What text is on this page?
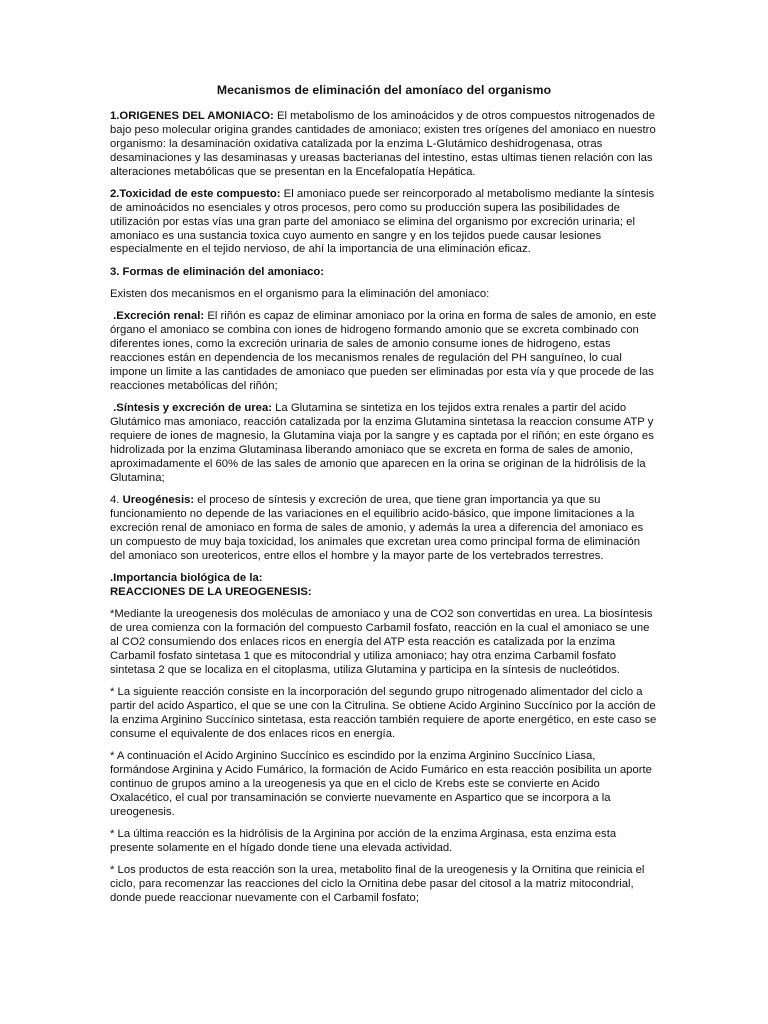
Mecanismos de eliminación del amoníaco del organismo

1.ORIGENES DEL AMONIACO: El metabolismo de los aminoácidos y de otros compuestos nitrogenados de bajo peso molecular origina grandes cantidades de amoniaco; existen tres orígenes del amoniaco en nuestro organismo: la desaminación oxidativa catalizada por la enzima L-Glutámico deshidrogenasa, otras desaminaciones y las desaminasas y ureasas bacterianas del intestino, estas ultimas tienen relación con las alteraciones metabólicas que se presentan en la Encefalopatía Hepática.

2.Toxicidad de este compuesto: El amoniaco puede ser reincorporado al metabolismo mediante la síntesis de aminoácidos no esenciales y otros procesos, pero como su producción supera las posibilidades de utilización por estas vías una gran parte del amoniaco se elimina del organismo por excreción urinaria; el amoniaco es una sustancia toxica cuyo aumento en sangre y en los tejidos puede causar lesiones especialmente en el tejido nervioso, de ahí la importancia de una eliminación eficaz.

3. Formas de eliminación del amoniaco:

Existen dos mecanismos en el organismo para la eliminación del amoniaco:

.Excreción renal: El riñón es capaz de eliminar amoniaco por la orina en forma de sales de amonio, en este órgano el amoniaco se combina con iones de hidrogeno formando amonio que se excreta combinado con diferentes iones, como la excreción urinaria de sales de amonio consume iones de hidrogeno, estas reacciones están en dependencia de los mecanismos renales de regulación del PH sanguíneo, lo cual impone un limite a las cantidades de amoniaco que pueden ser eliminadas por esta vía y que procede de las reacciones metabólicas del riñón;

.Síntesis y excreción de urea: La Glutamina se sintetiza en los tejidos extra renales a partir del acido Glutámico mas amoniaco, reacción catalizada por la enzima Glutamina sintetasa la reaccion consume ATP y requiere de iones de magnesio, la Glutamina viaja por la sangre y es captada por el riñón; en este órgano es hidrolizada por la enzima Glutaminasa liberando amoniaco que se excreta en forma de sales de amonio, aproximadamente el 60% de las sales de amonio que aparecen en la orina se originan de la hidrólisis de la Glutamina;

4. Ureogénesis: el proceso de síntesis y excreción de urea, que tiene gran importancia ya que su funcionamiento no depende de las variaciones en el equilibrio acido-básico, que impone limitaciones a la excreción renal de amoniaco en forma de sales de amonio, y además la urea a diferencia del amoniaco es un compuesto de muy baja toxicidad, los animales que excretan urea como principal forma de eliminación del amoniaco son ureotericos, entre ellos el hombre y la mayor parte de los vertebrados terrestres.

.Importancia biológica de la:
REACCIONES DE LA UREOGENESIS:

*Mediante la ureogenesis dos moléculas de amoniaco y una de CO2 son convertidas en urea. La biosíntesis de urea comienza con la formación del compuesto Carbamil fosfato, reacción en la cual el amoniaco se une al CO2 consumiendo dos enlaces ricos en energía del ATP esta reacción es catalizada por la enzima Carbamil fosfato sintetasa 1 que es mitocondrial y utiliza amoniaco; hay otra enzima Carbamil fosfato sintetasa 2 que se localiza en el citoplasma, utiliza Glutamina y participa en la síntesis de nucleótidos.

* La siguiente reacción consiste en la incorporación del segundo grupo nitrogenado alimentador del ciclo a partir del acido Aspartico, el que se une con la Citrulina. Se obtiene Acido Arginino Succínico por la acción de la enzima Arginino Succínico sintetasa, esta reacción también requiere de aporte energético, en este caso se consume el equivalente de dos enlaces ricos en energía.

* A continuación el Acido Arginino Succínico es escindido por la enzima Arginino Succínico Liasa, formándose Arginina y Acido Fumárico, la formación de Acido Fumárico en esta reacción posibilita un aporte continuo de grupos amino a la ureogenesis ya que en el ciclo de Krebs este se convierte en Acido Oxalacético, el cual por transaminación se convierte nuevamente en Aspartico que se incorpora a la ureogenesis.

* La última reacción es la hidrólisis de la Arginina por acción de la enzima Arginasa, esta enzima esta presente solamente en el hígado donde tiene una elevada actividad.

* Los productos de esta reacción son la urea, metabolito final de la ureogenesis y la Ornitina que reinicia el ciclo, para recomenzar las reacciones del ciclo la Ornitina debe pasar del citosol a la matriz mitocondrial, donde puede reaccionar nuevamente con el Carbamil fosfato;
